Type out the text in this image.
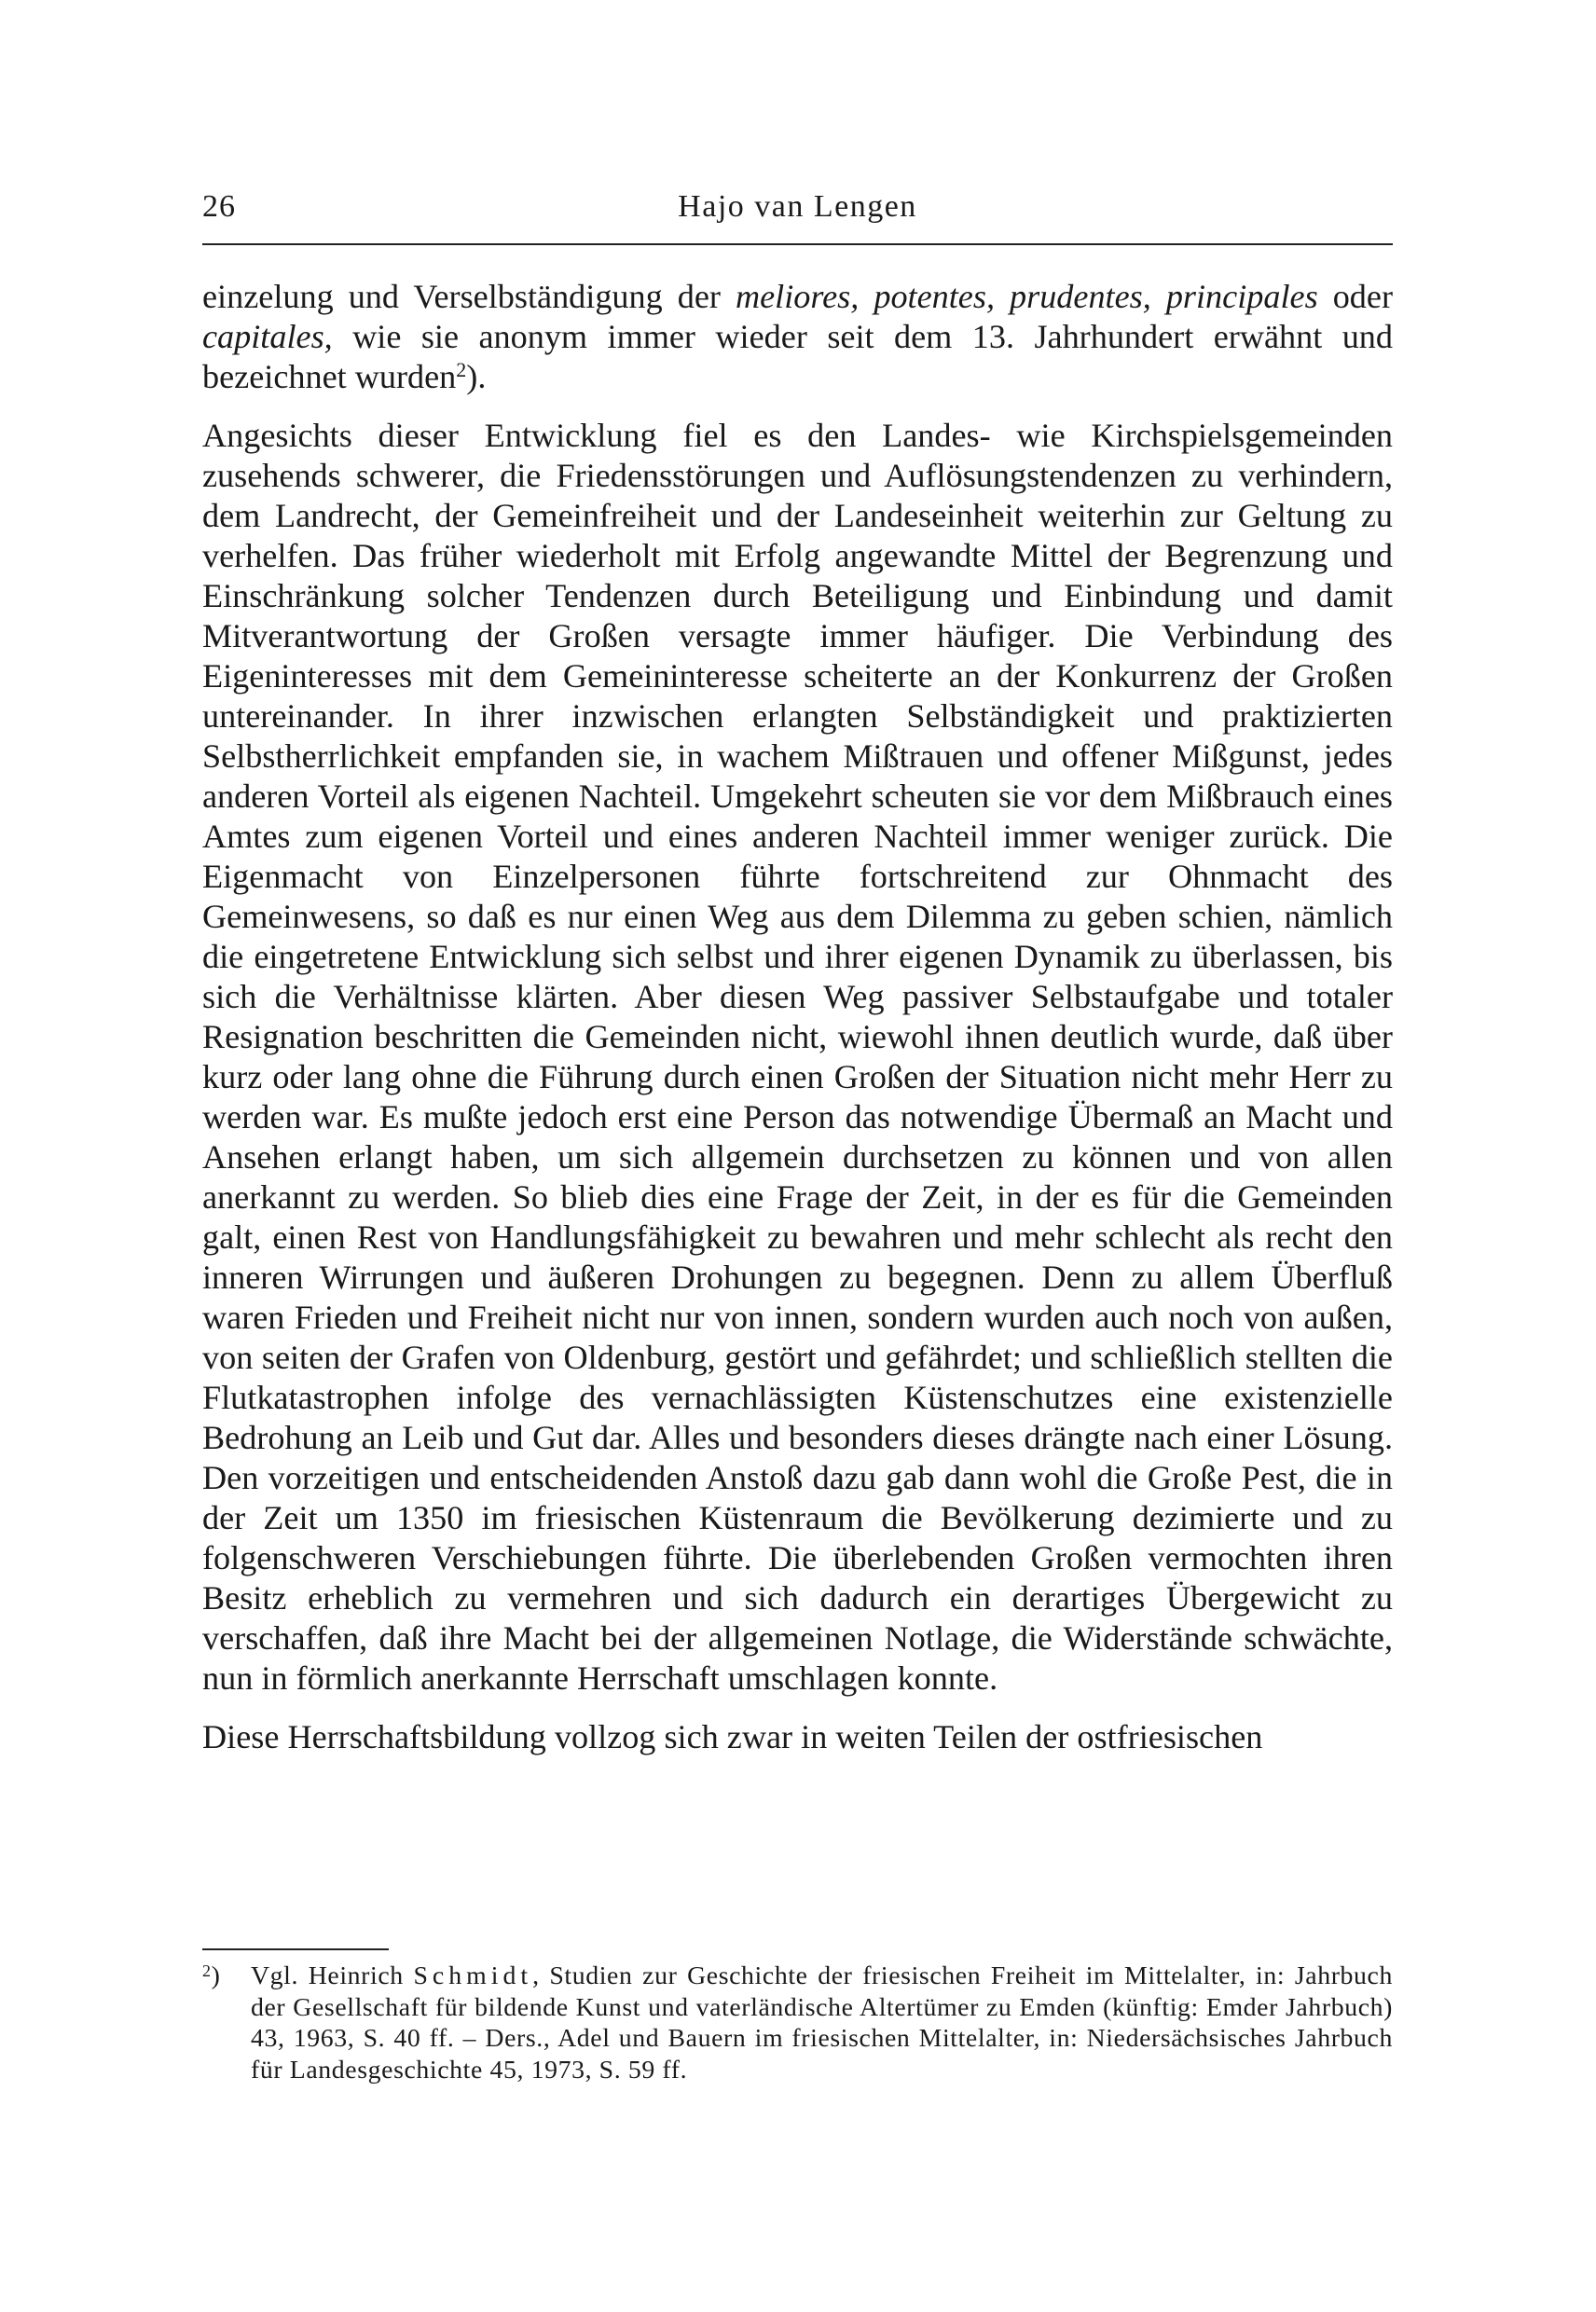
26	Hajo van Lengen

einzelung und Verselbständigung der meliores, potentes, prudentes, principales oder capitales, wie sie anonym immer wieder seit dem 13. Jahrhundert erwähnt und bezeichnet wurden$^2$).

Angesichts dieser Entwicklung fiel es den Landes- wie Kirchspielsgemeinden zusehends schwerer, die Friedensstörungen und Auflösungstendenzen zu verhindern, dem Landrecht, der Gemeinfreiheit und der Landeseinheit weiterhin zur Geltung zu verhelfen. Das früher wiederholt mit Erfolg angewandte Mittel der Begrenzung und Einschränkung solcher Tendenzen durch Beteiligung und Einbindung und damit Mitverantwortung der Großen versagte immer häufiger. Die Verbindung des Eigeninteresses mit dem Gemeininteresse scheiterte an der Konkurrenz der Großen untereinander. In ihrer inzwischen erlangten Selbständigkeit und praktizierten Selbstherrlichkeit empfanden sie, in wachem Mißtrauen und offener Mißgunst, jedes anderen Vorteil als eigenen Nachteil. Umgekehrt scheuten sie vor dem Mißbrauch eines Amtes zum eigenen Vorteil und eines anderen Nachteil immer weniger zurück. Die Eigenmacht von Einzelpersonen führte fortschreitend zur Ohnmacht des Gemeinwesens, so daß es nur einen Weg aus dem Dilemma zu geben schien, nämlich die eingetretene Entwicklung sich selbst und ihrer eigenen Dynamik zu überlassen, bis sich die Verhältnisse klärten. Aber diesen Weg passiver Selbstaufgabe und totaler Resignation beschritten die Gemeinden nicht, wiewohl ihnen deutlich wurde, daß über kurz oder lang ohne die Führung durch einen Großen der Situation nicht mehr Herr zu werden war. Es mußte jedoch erst eine Person das notwendige Übermaß an Macht und Ansehen erlangt haben, um sich allgemein durchsetzen zu können und von allen anerkannt zu werden. So blieb dies eine Frage der Zeit, in der es für die Gemeinden galt, einen Rest von Handlungsfähigkeit zu bewahren und mehr schlecht als recht den inneren Wirrungen und äußeren Drohungen zu begegnen. Denn zu allem Überfluß waren Frieden und Freiheit nicht nur von innen, sondern wurden auch noch von außen, von seiten der Grafen von Oldenburg, gestört und gefährdet; und schließlich stellten die Flutkatastrophen infolge des vernachlässigten Küstenschutzes eine existenzielle Bedrohung an Leib und Gut dar. Alles und besonders dieses drängte nach einer Lösung. Den vorzeitigen und entscheidenden Anstoß dazu gab dann wohl die Große Pest, die in der Zeit um 1350 im friesischen Küstenraum die Bevölkerung dezimierte und zu folgenschweren Verschiebungen führte. Die überlebenden Großen vermochten ihren Besitz erheblich zu vermehren und sich dadurch ein derartiges Übergewicht zu verschaffen, daß ihre Macht bei der allgemeinen Notlage, die Widerstände schwächte, nun in förmlich anerkannte Herrschaft umschlagen konnte.

Diese Herrschaftsbildung vollzog sich zwar in weiten Teilen der ostfriesischen

$^2$) Vgl. Heinrich Schmidt, Studien zur Geschichte der friesischen Freiheit im Mittelalter, in: Jahrbuch der Gesellschaft für bildende Kunst und vaterländische Altertümer zu Emden (künftig: Emder Jahrbuch) 43, 1963, S. 40 ff. – Ders., Adel und Bauern im friesischen Mittelalter, in: Niedersächsisches Jahrbuch für Landesgeschichte 45, 1973, S. 59 ff.
